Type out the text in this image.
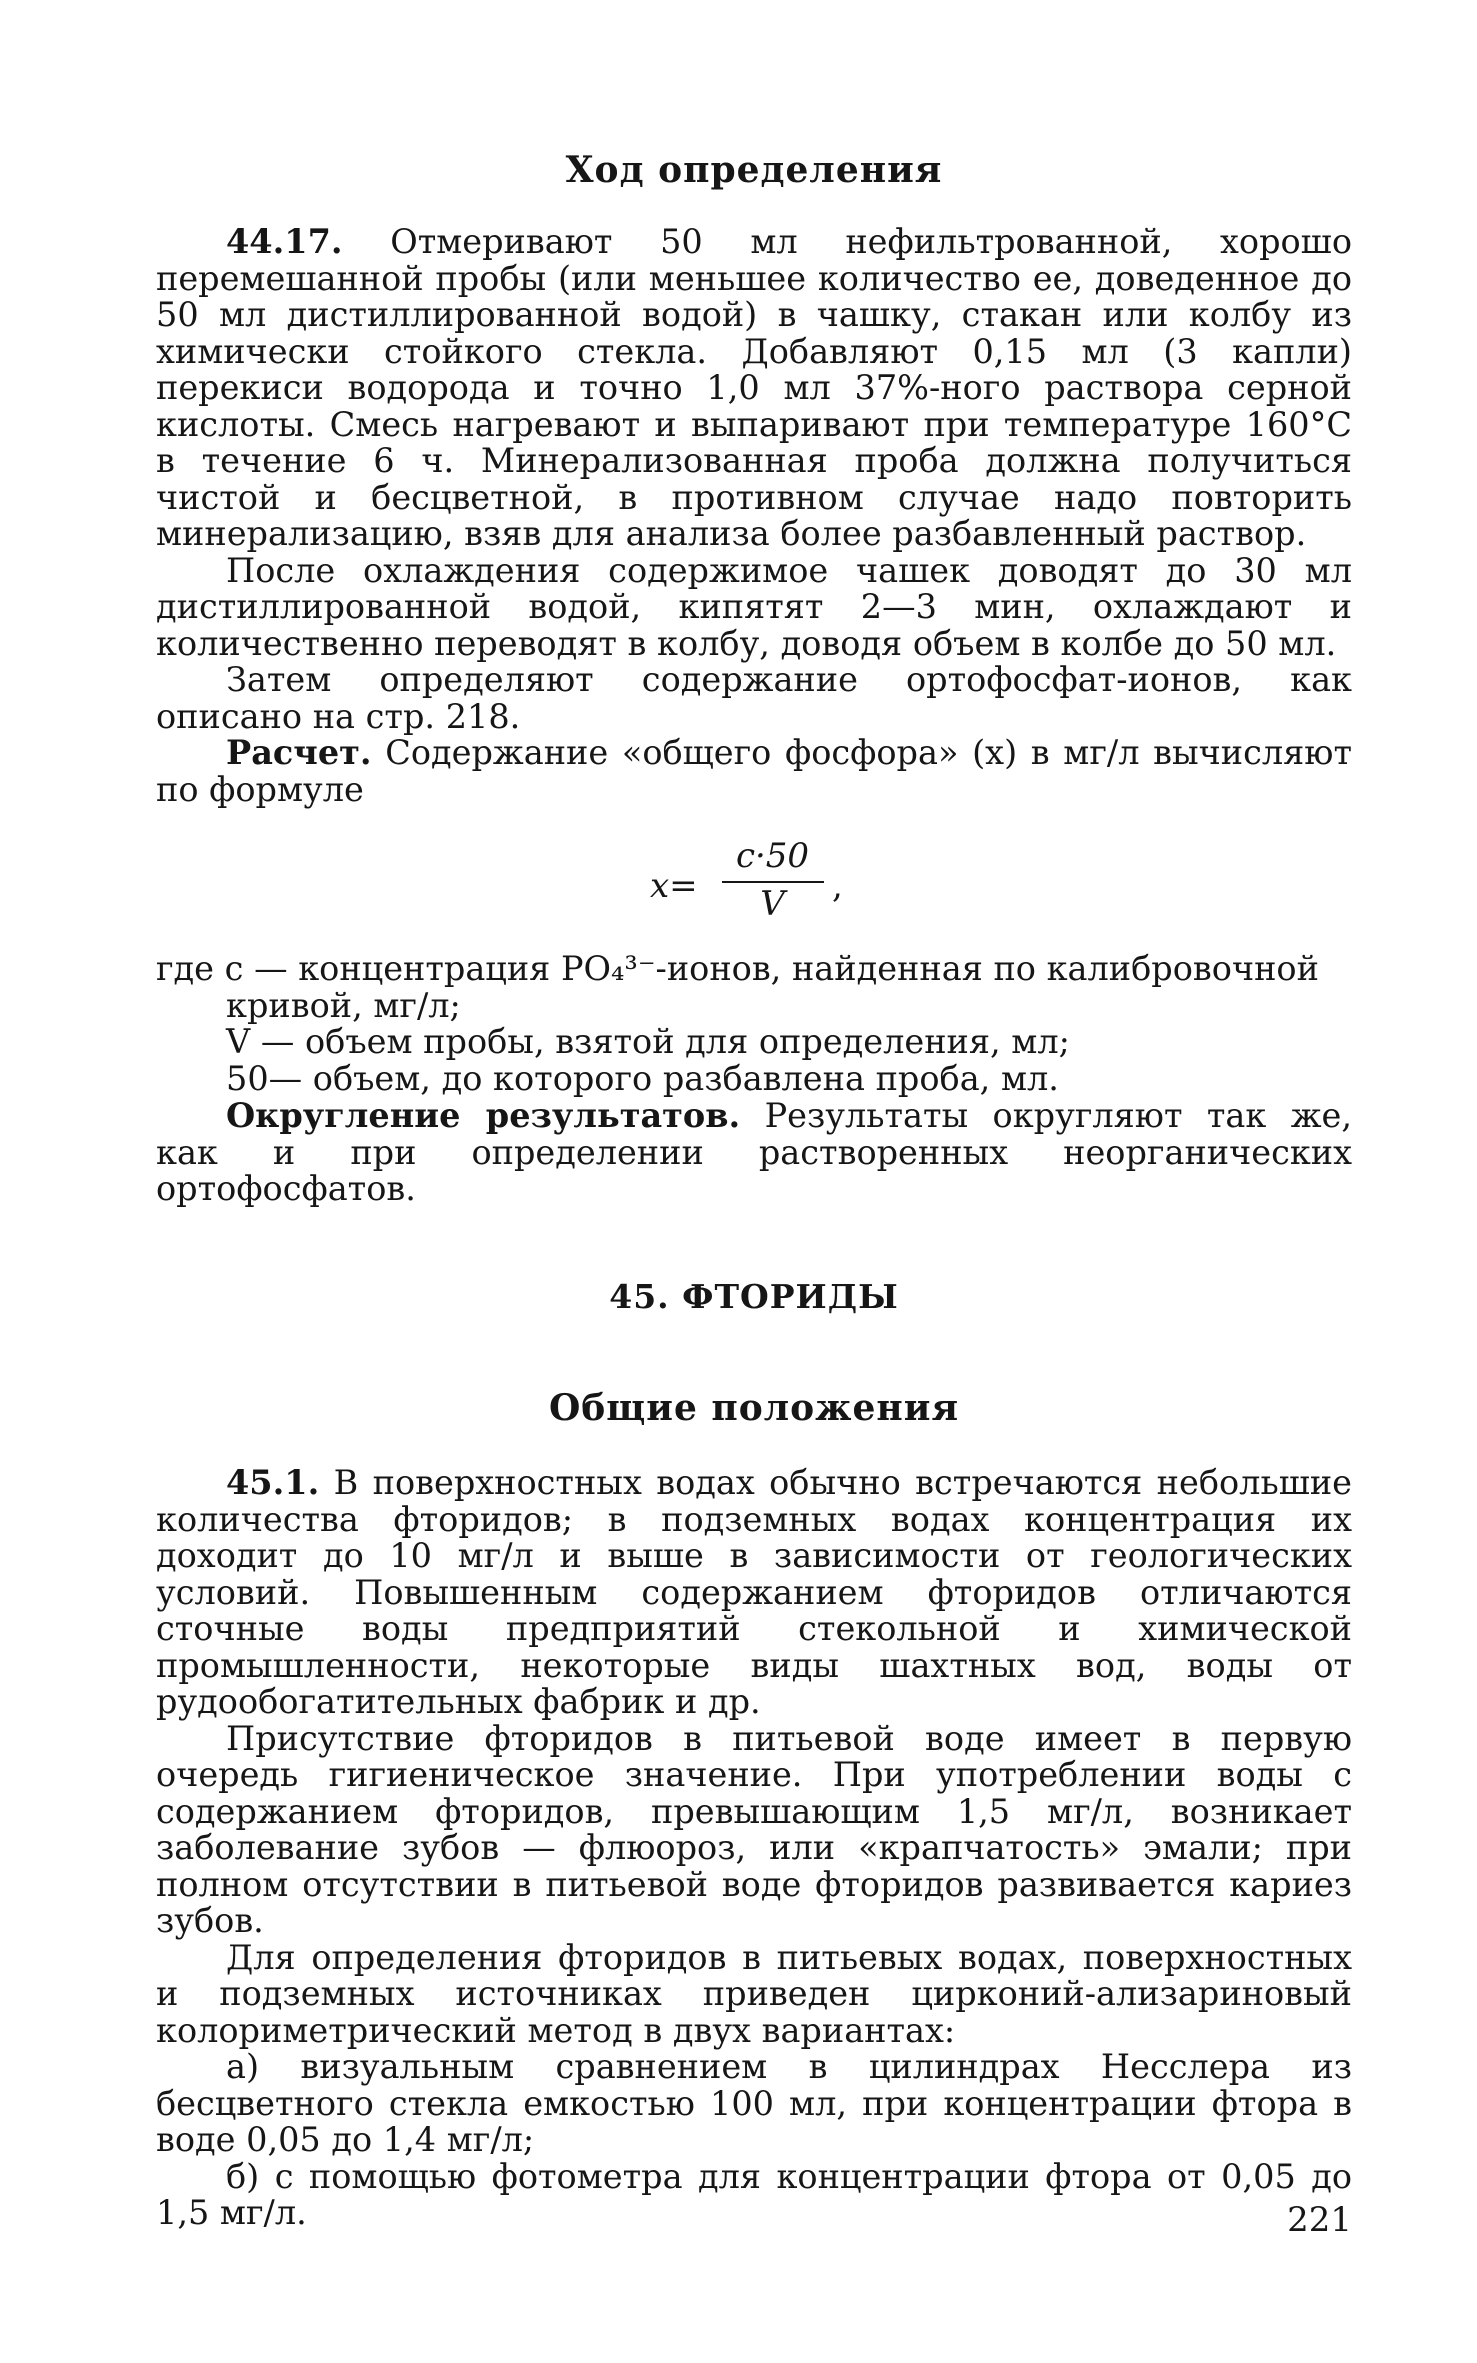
Ход определения

44.17. Отмеривают 50 мл нефильтрованной, хорошо перемешанной пробы (или меньшее количество ее, доведенное до 50 мл дистиллированной водой) в чашку, стакан или колбу из химически стойкого стекла. Добавляют 0,15 мл (3 капли) перекиси водорода и точно 1,0 мл 37%-ного раствора серной кислоты. Смесь нагревают и выпаривают при температуре 160°С в течение 6 ч. Минерализованная проба должна получиться чистой и бесцветной, в противном случае надо повторить минерализацию, взяв для анализа более разбавленный раствор.

После охлаждения содержимое чашек доводят до 30 мл дистиллированной водой, кипятят 2—3 мин, охлаждают и количественно переводят в колбу, доводя объем в колбе до 50 мл.

Затем определяют содержание ортофосфат-ионов, как описано на стр. 218.

Расчет. Содержание «общего фосфора» (x) в мг/л вычисляют по формуле

x=
c·50
V	,
где c — концентрация PO₄³⁻-ионов, найденная по калибровочной
кривой, мг/л;
V — объем пробы, взятой для определения, мл;
50— объем, до которого разбавлена проба, мл.

Округление результатов. Результаты округляют так же, как и при определении растворенных неорганических ортофосфатов.

45. ФТОРИДЫ
Общие положения

45.1. В поверхностных водах обычно встречаются небольшие количества фторидов; в подземных водах концентрация их доходит до 10 мг/л и выше в зависимости от геологических условий. Повышенным содержанием фторидов отличаются сточные воды предприятий стекольной и химической промышленности, некоторые виды шахтных вод, воды от рудообогатительных фабрик и др.

Присутствие фторидов в питьевой воде имеет в первую очередь гигиеническое значение. При употреблении воды с содержанием фторидов, превышающим 1,5 мг/л, возникает заболевание зубов — флюороз, или «крапчатость» эмали; при полном отсутствии в питьевой воде фторидов развивается кариез зубов.

Для определения фторидов в питьевых водах, поверхностных и подземных источниках приведен цирконий-ализариновый колориметрический метод в двух вариантах:

а) визуальным сравнением в цилиндрах Несслера из бесцветного стекла емкостью 100 мл, при концентрации фтора в воде 0,05 до 1,4 мг/л;

б) с помощью фотометра для концентрации фтора от 0,05 до 1,5 мг/л.	221
